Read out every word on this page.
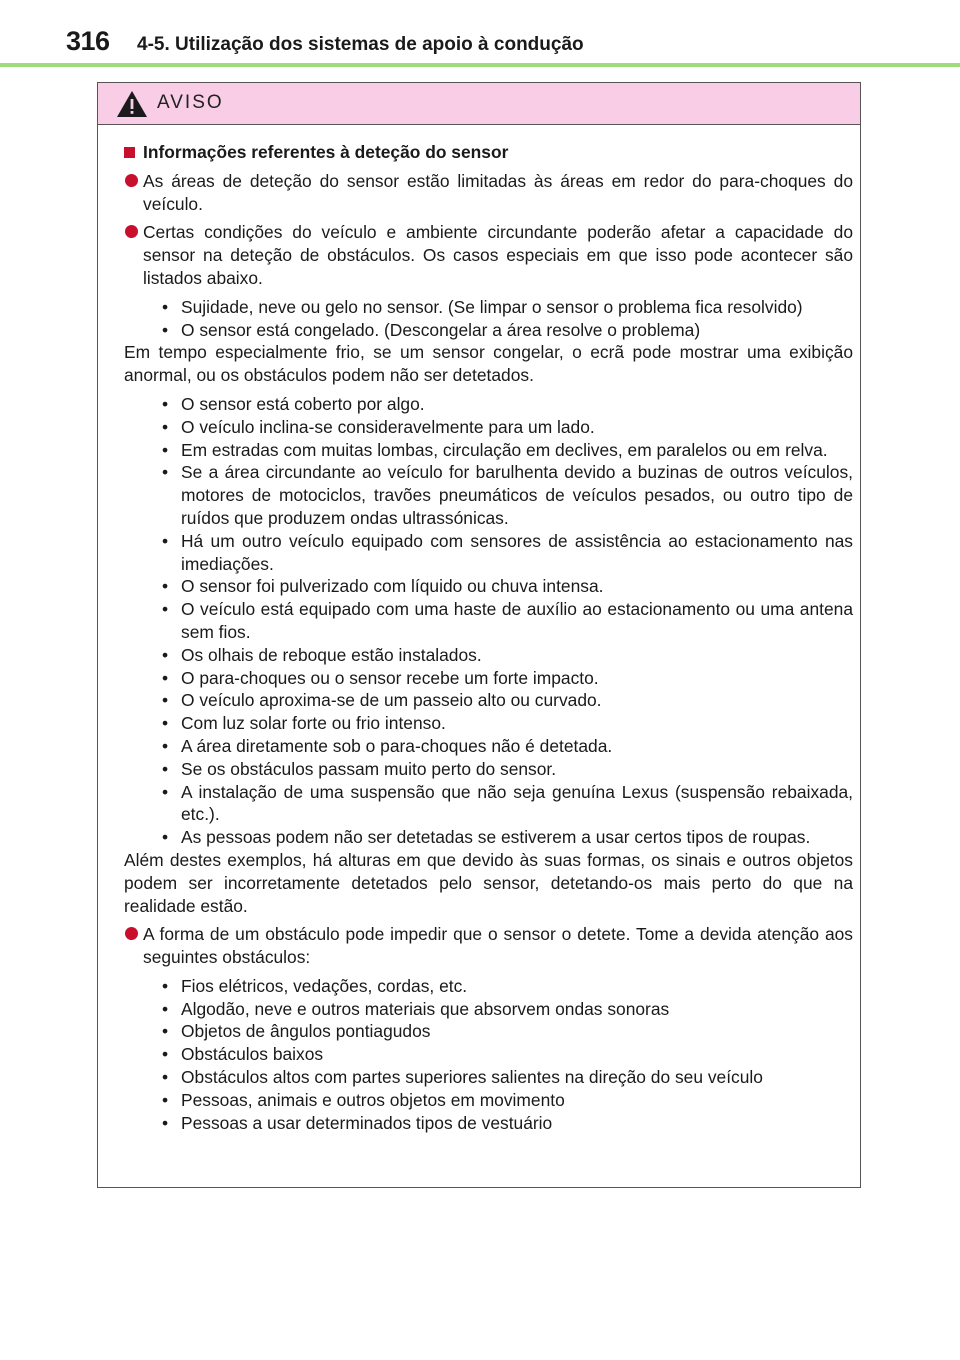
316 4-5. Utilização dos sistemas de apoio à condução
AVISO
Informações referentes à deteção do sensor
As áreas de deteção do sensor estão limitadas às áreas em redor do para-choques do veículo.
Certas condições do veículo e ambiente circundante poderão afetar a capacidade do sensor na deteção de obstáculos. Os casos especiais em que isso pode acontecer são listados abaixo.
• Sujidade, neve ou gelo no sensor. (Se limpar o sensor o problema fica resolvido)
• O sensor está congelado. (Descongelar a área resolve o problema)
Em tempo especialmente frio, se um sensor congelar, o ecrã pode mostrar uma exibição anormal, ou os obstáculos podem não ser detetados.
• O sensor está coberto por algo.
• O veículo inclina-se consideravelmente para um lado.
• Em estradas com muitas lombas, circulação em declives, em paralelos ou em relva.
• Se a área circundante ao veículo for barulhenta devido a buzinas de outros veículos, motores de motociclos, travões pneumáticos de veículos pesados, ou outro tipo de ruídos que produzem ondas ultrassónicas.
• Há um outro veículo equipado com sensores de assistência ao estacionamento nas imediações.
• O sensor foi pulverizado com líquido ou chuva intensa.
• O veículo está equipado com uma haste de auxílio ao estacionamento ou uma antena sem fios.
• Os olhais de reboque estão instalados.
• O para-choques ou o sensor recebe um forte impacto.
• O veículo aproxima-se de um passeio alto ou curvado.
• Com luz solar forte ou frio intenso.
• A área diretamente sob o para-choques não é detetada.
• Se os obstáculos passam muito perto do sensor.
• A instalação de uma suspensão que não seja genuína Lexus (suspensão rebaixada, etc.).
• As pessoas podem não ser detetadas se estiverem a usar certos tipos de roupas.
Além destes exemplos, há alturas em que devido às suas formas, os sinais e outros objetos podem ser incorretamente detetados pelo sensor, detetando-os mais perto do que na realidade estão.
A forma de um obstáculo pode impedir que o sensor o detete. Tome a devida atenção aos seguintes obstáculos:
• Fios elétricos, vedações, cordas, etc.
• Algodão, neve e outros materiais que absorvem ondas sonoras
• Objetos de ângulos pontiagudos
• Obstáculos baixos
• Obstáculos altos com partes superiores salientes na direção do seu veículo
• Pessoas, animais e outros objetos em movimento
• Pessoas a usar determinados tipos de vestuário
